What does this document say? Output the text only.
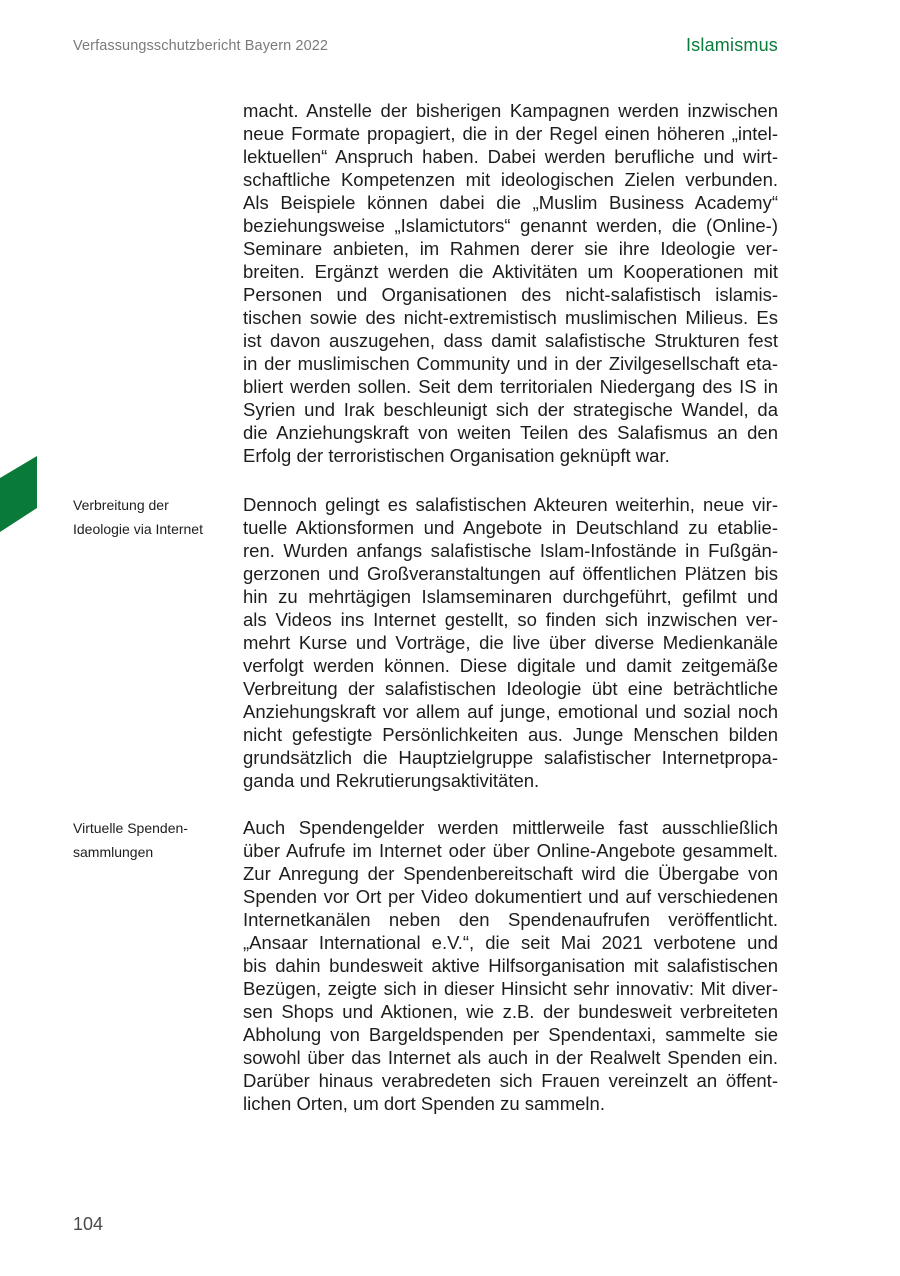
Verfassungsschutzbericht Bayern 2022	Islamismus
macht. Anstelle der bisherigen Kampagnen werden inzwischen
neue Formate propagiert, die in der Regel einen höheren „intel-
lektuellen“ Anspruch haben. Dabei werden berufliche und wirt-
schaftliche Kompetenzen mit ideologischen Zielen verbunden.
Als Beispiele können dabei die „Muslim Business Academy“
beziehungsweise „Islamictutors“ genannt werden, die (Online-)
Seminare anbieten, im Rahmen derer sie ihre Ideologie ver-
breiten. Ergänzt werden die Aktivitäten um Kooperationen mit
Personen und Organisationen des nicht-salafistisch islamis-
tischen sowie des nicht-extremistisch muslimischen Milieus. Es
ist davon auszugehen, dass damit salafistische Strukturen fest
in der muslimischen Community und in der Zivilgesellschaft eta-
bliert werden sollen. Seit dem territorialen Niedergang des IS in
Syrien und Irak beschleunigt sich der strategische Wandel, da
die Anziehungskraft von weiten Teilen des Salafismus an den
Erfolg der terroristischen Organisation geknüpft war.
Verbreitung der
Ideologie via Internet
Dennoch gelingt es salafistischen Akteuren weiterhin, neue vir-
tuelle Aktionsformen und Angebote in Deutschland zu etablie-
ren. Wurden anfangs salafistische Islam-Infostände in Fußgän-
gerzonen und Großveranstaltungen auf öffentlichen Plätzen bis
hin zu mehrtägigen Islamseminaren durchgeführt, gefilmt und
als Videos ins Internet gestellt, so finden sich inzwischen ver-
mehrt Kurse und Vorträge, die live über diverse Medienkanäle
verfolgt werden können. Diese digitale und damit zeitgemäße
Verbreitung der salafistischen Ideologie übt eine beträchtliche
Anziehungskraft vor allem auf junge, emotional und sozial noch
nicht gefestigte Persönlichkeiten aus. Junge Menschen bilden
grundsätzlich die Hauptzielgruppe salafistischer Internetpropa-
ganda und Rekrutierungsaktivitäten.
Virtuelle Spenden-
sammlungen
Auch Spendengelder werden mittlerweile fast ausschließlich
über Aufrufe im Internet oder über Online-Angebote gesammelt.
Zur Anregung der Spendenbereitschaft wird die Übergabe von
Spenden vor Ort per Video dokumentiert und auf verschiedenen
Internetkanälen neben den Spendenaufrufen veröffentlicht.
„Ansaar International e.V.“, die seit Mai 2021 verbotene und
bis dahin bundesweit aktive Hilfsorganisation mit salafistischen
Bezügen, zeigte sich in dieser Hinsicht sehr innovativ: Mit diver-
sen Shops und Aktionen, wie z.B. der bundesweit verbreiteten
Abholung von Bargeldspenden per Spendentaxi, sammelte sie
sowohl über das Internet als auch in der Realwelt Spenden ein.
Darüber hinaus verabredeten sich Frauen vereinzelt an öffent-
lichen Orten, um dort Spenden zu sammeln.
104
